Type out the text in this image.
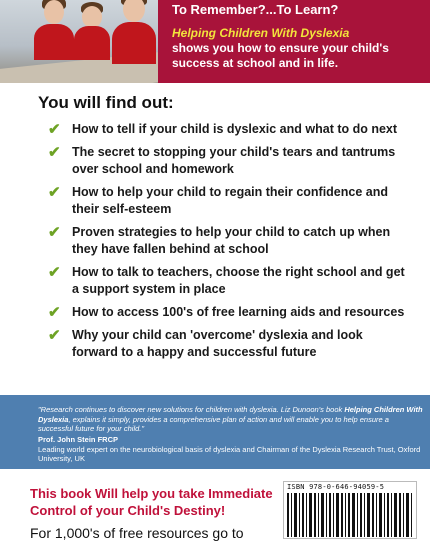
To Remember?...To Learn?

Helping Children With Dyslexia

shows you how to ensure your child's success at school and in life.

You will find out:
✔ How to tell if your child is dyslexic and what to do next
✔ The secret to stopping your child's tears and tantrums over school and homework
✔ How to help your child to regain their confidence and their self-esteem
✔ Proven strategies to help your child to catch up when they have fallen behind at school
✔ How to talk to teachers, choose the right school and get a support system in place
✔ How to access 100's of free learning aids and resources
✔ Why your child can 'overcome' dyslexia and look forward to a happy and successful future

"Research continues to discover new solutions for children with dyslexia. Liz Dunoon's book Helping Children With Dyslexia, explains it simply, provides a comprehensive plan of action and will enable you to help ensure a successful future for your child."

Prof. John Stein FRCP

Leading world expert on the neurobiological basis of dyslexia and Chairman of the Dyslexia Research Trust, Oxford University, UK

This book Will help you take Immediate Control of your Child's Destiny!

For 1,000's of free resources go to

ISBN 978-0-646-94059-5
